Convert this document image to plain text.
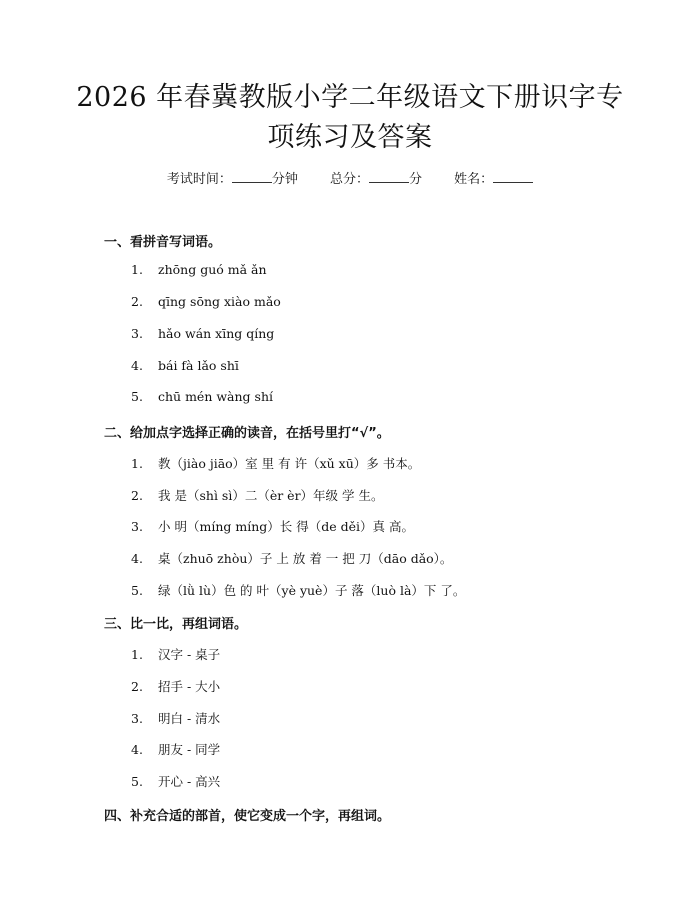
2026 年春冀教版小学二年级语文下册识字专
项练习及答案
考试时间：	分钟 总分：	分 姓名：
一、看拼音写词语。
1. zhōng guó mǎ ǎn
2. qīng sōng xiào mǎo
3. hǎo wán xīng qíng
4. bái fà lǎo shī
5. chū mén wàng shí
二、给加点字选择正确的读音，在括号里打“√”。
1. 教（jiào jiāo）室 里 有 许（xǔ xū）多 书本。
2. 我 是（shì sì）二（èr èr）年级 学 生。
3. 小 明（míng míng）长 得（de děi）真 高。
4. 桌（zhuō zhòu）子 上 放 着 一 把 刀（dāo dǎo）。
5. 绿（lǜ lù）色 的 叶（yè yuè）子 落（luò là）下 了。
三、比一比，再组词语。
1. 汉字 - 桌子
2. 招手 - 大小
3. 明白 - 清水
4. 朋友 - 同学
5. 开心 - 高兴
四、补充合适的部首，使它变成一个字，再组词。
